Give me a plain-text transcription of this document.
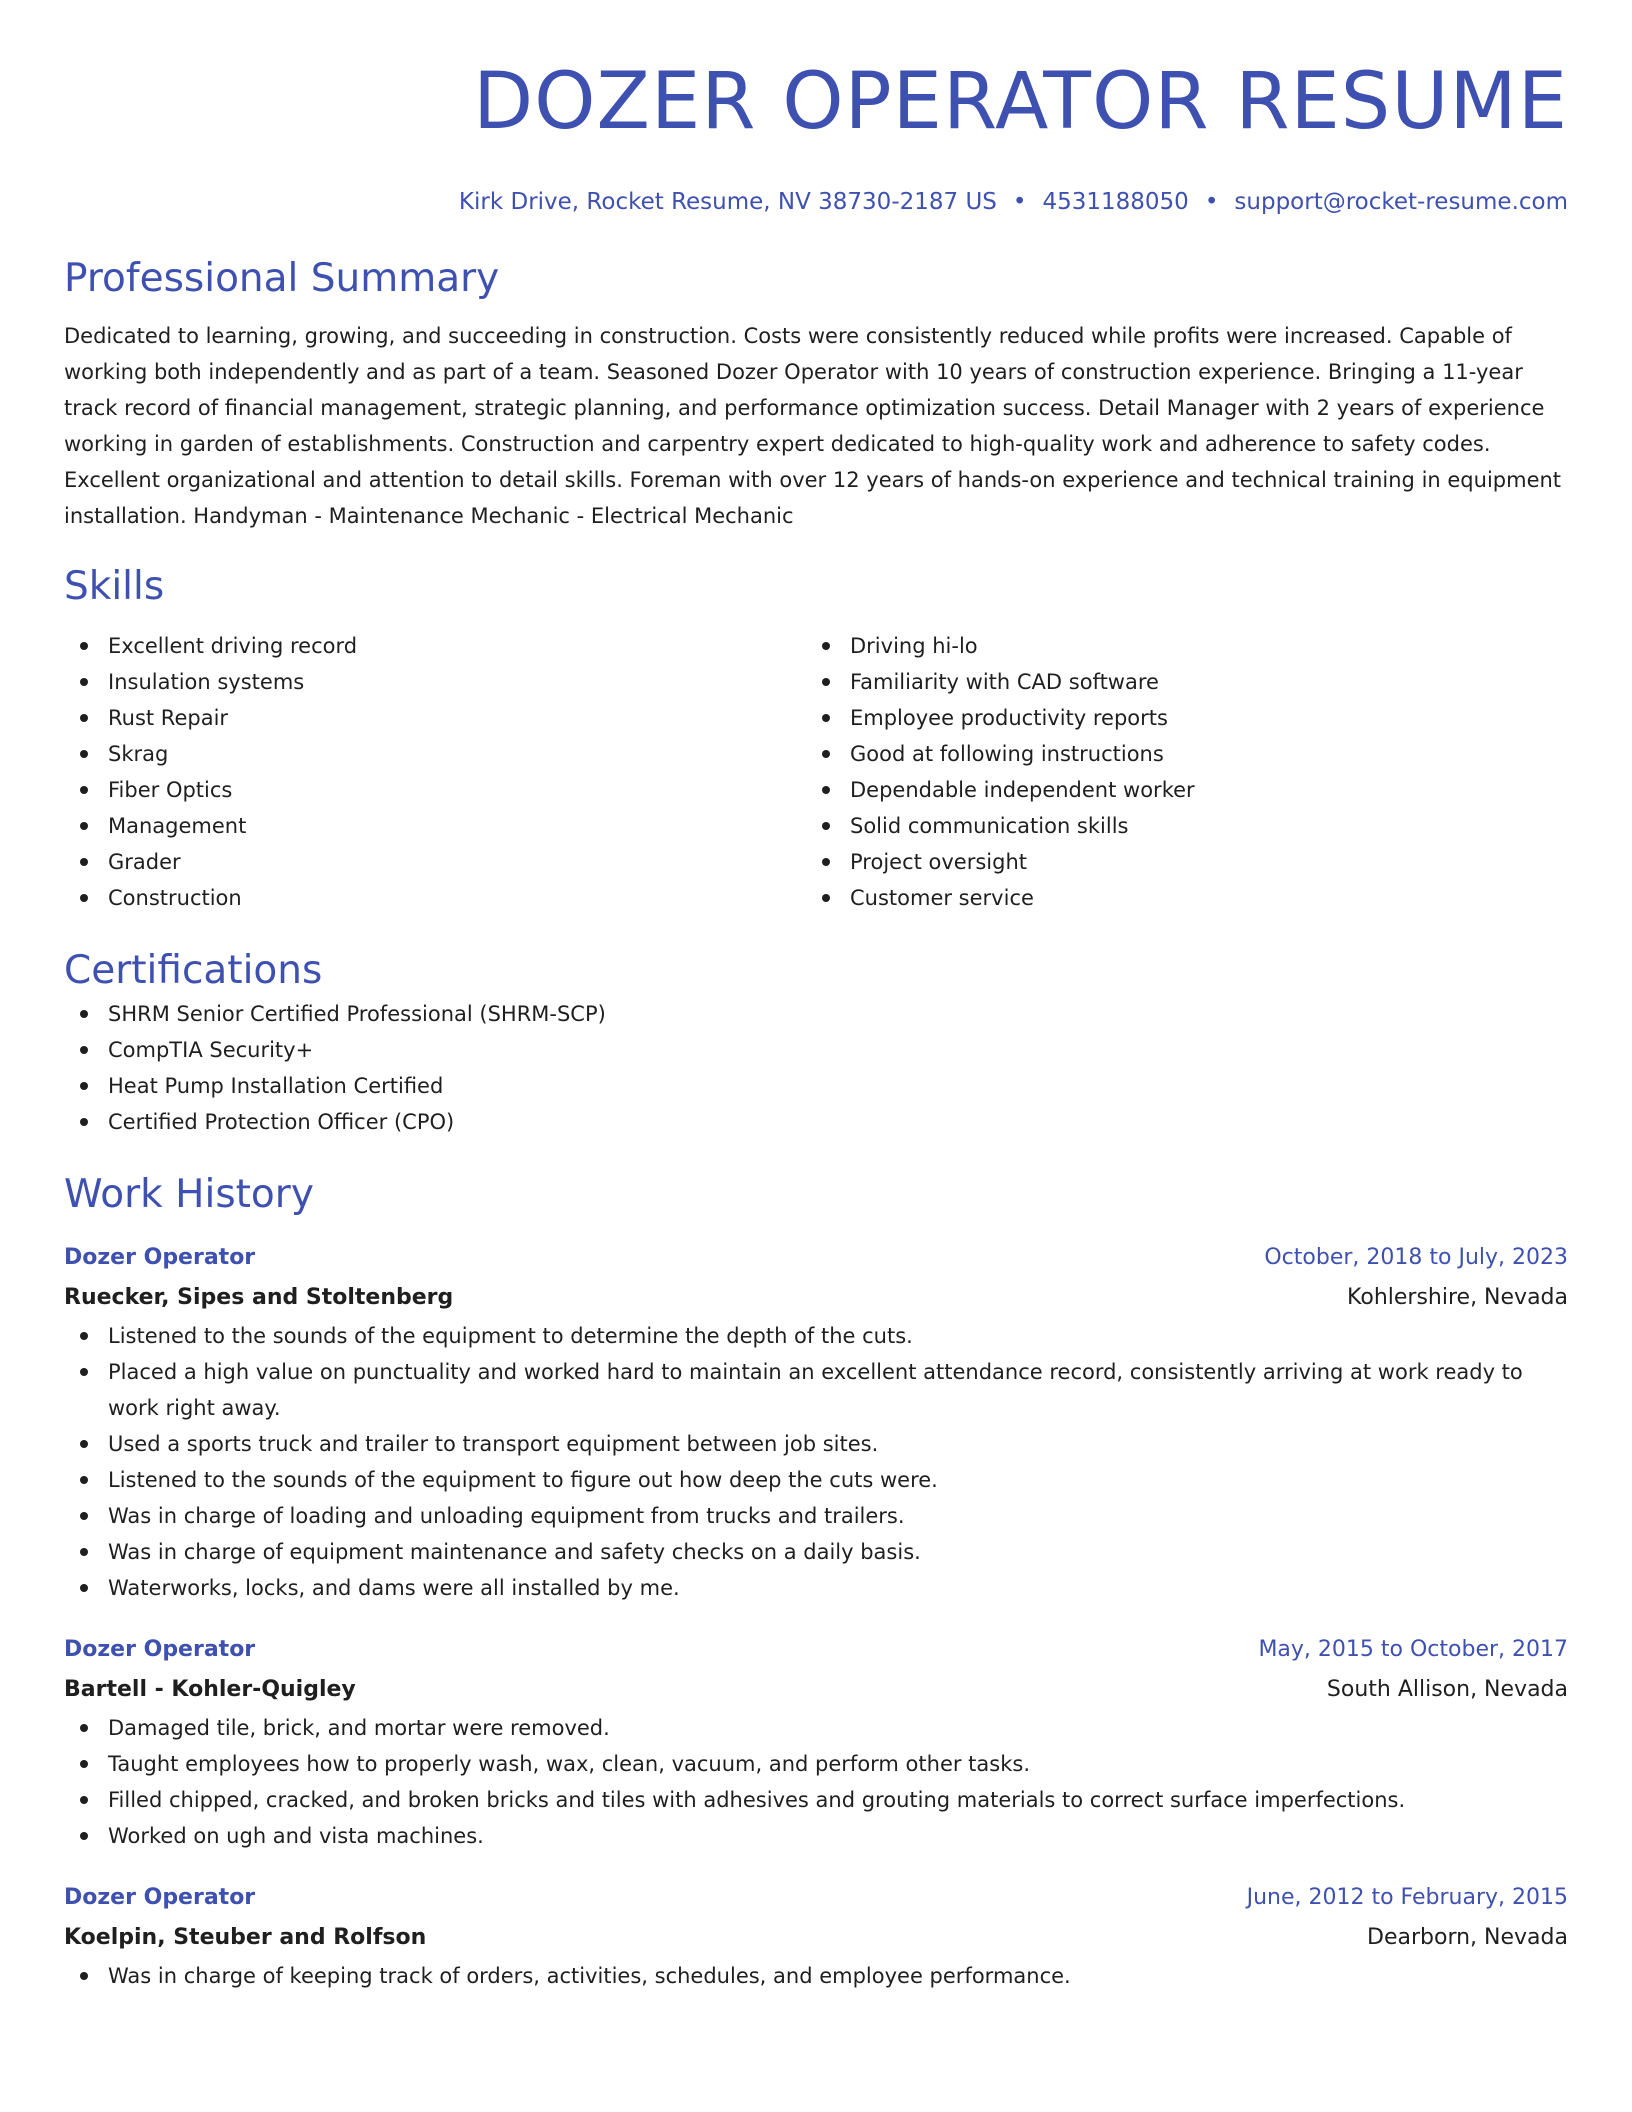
DOZER OPERATOR RESUME
Kirk Drive, Rocket Resume, NV 38730-2187 US • 4531188050 • support@rocket-resume.com
Professional Summary
Dedicated to learning, growing, and succeeding in construction. Costs were consistently reduced while profits were increased. Capable of working both independently and as part of a team. Seasoned Dozer Operator with 10 years of construction experience. Bringing a 11-year track record of financial management, strategic planning, and performance optimization success. Detail Manager with 2 years of experience working in garden of establishments. Construction and carpentry expert dedicated to high-quality work and adherence to safety codes. Excellent organizational and attention to detail skills. Foreman with over 12 years of hands-on experience and technical training in equipment installation. Handyman - Maintenance Mechanic - Electrical Mechanic
Skills
Excellent driving record
Insulation systems
Rust Repair
Skrag
Fiber Optics
Management
Grader
Construction
Driving hi-lo
Familiarity with CAD software
Employee productivity reports
Good at following instructions
Dependable independent worker
Solid communication skills
Project oversight
Customer service
Certifications
SHRM Senior Certified Professional (SHRM-SCP)
CompTIA Security+
Heat Pump Installation Certified
Certified Protection Officer (CPO)
Work History
Dozer Operator	October, 2018 to July, 2023
Ruecker, Sipes and Stoltenberg	Kohlershire, Nevada
Listened to the sounds of the equipment to determine the depth of the cuts.
Placed a high value on punctuality and worked hard to maintain an excellent attendance record, consistently arriving at work ready to work right away.
Used a sports truck and trailer to transport equipment between job sites.
Listened to the sounds of the equipment to figure out how deep the cuts were.
Was in charge of loading and unloading equipment from trucks and trailers.
Was in charge of equipment maintenance and safety checks on a daily basis.
Waterworks, locks, and dams were all installed by me.
Dozer Operator	May, 2015 to October, 2017
Bartell - Kohler-Quigley	South Allison, Nevada
Damaged tile, brick, and mortar were removed.
Taught employees how to properly wash, wax, clean, vacuum, and perform other tasks.
Filled chipped, cracked, and broken bricks and tiles with adhesives and grouting materials to correct surface imperfections.
Worked on ugh and vista machines.
Dozer Operator	June, 2012 to February, 2015
Koelpin, Steuber and Rolfson	Dearborn, Nevada
Was in charge of keeping track of orders, activities, schedules, and employee performance.
